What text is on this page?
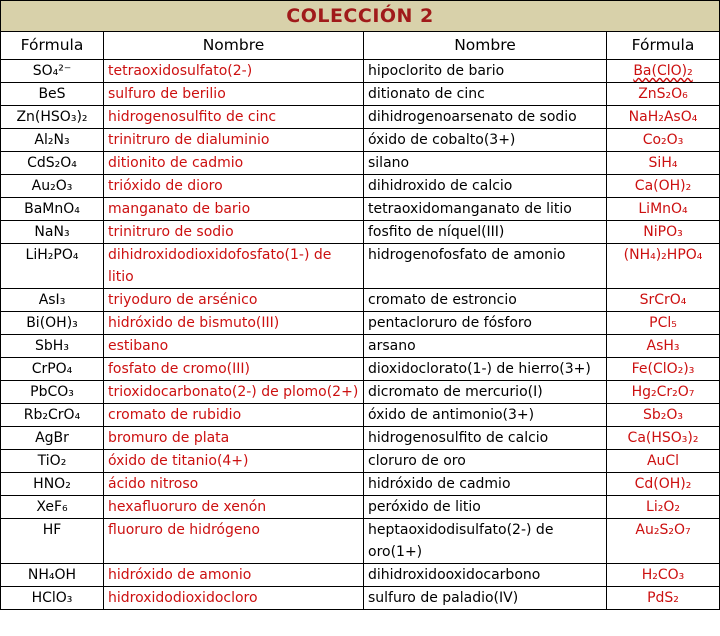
COLECCIÓN 2			
Fórmula	Nombre	Nombre	Fórmula
SO₄²⁻	tetraoxidosulfato(2-)	hipoclorito de bario	Ba(ClO)₂
BeS	sulfuro de berilio	ditionato de cinc	ZnS₂O₆
Zn(HSO₃)₂	hidrogenosulfito de cinc	dihidrogenoarsenato de sodio	NaH₂AsO₄
Al₂N₃	trinitruro de dialuminio	óxido de cobalto(3+)	Co₂O₃
CdS₂O₄	ditionito de cadmio	silano	SiH₄
Au₂O₃	trióxido de dioro	dihidroxido de calcio	Ca(OH)₂
BaMnO₄	manganato de bario	tetraoxidomanganato de litio	LiMnO₄
NaN₃	trinitruro de sodio	fosfito de níquel(III)	NiPO₃
LiH₂PO₄	dihidroxidodioxidofosfato(1-) de litio	hidrogenofosfato de amonio	(NH₄)₂HPO₄
AsI₃	triyoduro de arsénico	cromato de estroncio	SrCrO₄
Bi(OH)₃	hidróxido de bismuto(III)	pentacloruro de fósforo	PCl₅
SbH₃	estibano	arsano	AsH₃
CrPO₄	fosfato de cromo(III)	dioxidoclorato(1-) de hierro(3+)	Fe(ClO₂)₃
PbCO₃	trioxidocarbonato(2-) de plomo(2+)	dicromato de mercurio(I)	Hg₂Cr₂O₇
Rb₂CrO₄	cromato de rubidio	óxido de antimonio(3+)	Sb₂O₃
AgBr	bromuro de plata	hidrogenosulfito de calcio	Ca(HSO₃)₂
TiO₂	óxido de titanio(4+)	cloruro de oro	AuCl
HNO₂	ácido nitroso	hidróxido de cadmio	Cd(OH)₂
XeF₆	hexafluoruro de xenón	peróxido de litio	Li₂O₂
HF	fluoruro de hidrógeno	heptaoxidodisulfato(2-) de oro(1+)	Au₂S₂O₇
NH₄OH	hidróxido de amonio	dihidroxidooxidocarbono	H₂CO₃
HClO₃	hidroxidodioxidocloro	sulfuro de paladio(IV)	PdS₂
